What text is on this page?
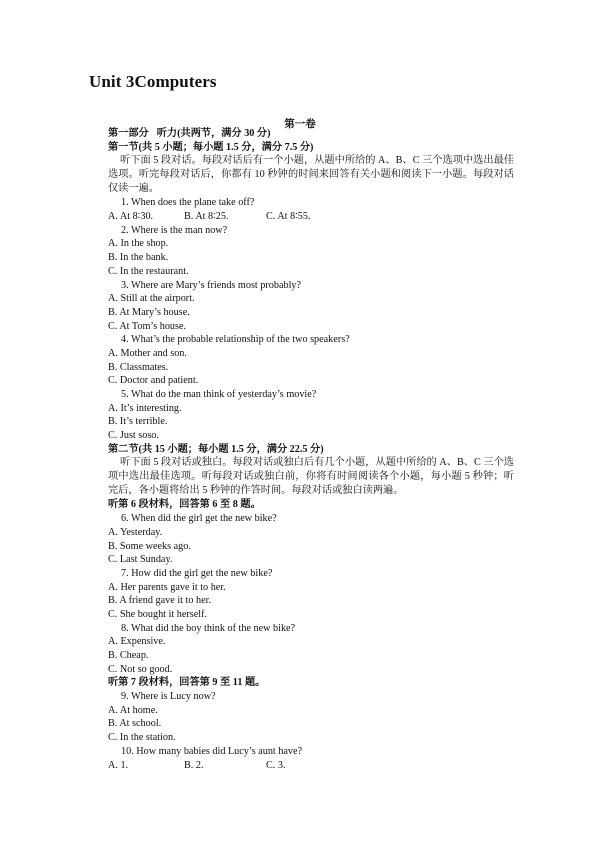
Unit 3Computers
第一卷
第一部分 听力(共两节，满分 30 分)
第一节(共 5 小题；每小题 1.5 分，满分 7.5 分)
听下面 5 段对话。每段对话后有一个小题，从题中所给的 A、B、C 三个选项中选出最佳选项。听完每段对话后，你都有 10 秒钟的时间来回答有关小题和阅读下一小题。每段对话仅读一遍。
1. When does the plane take off?
A. At 8∶30.	B. At 8∶25.	C. At 8∶55.
2. Where is the man now?
A. In the shop.
B. In the bank.
C. In the restaurant.
3. Where are Mary’s friends most probably?
A. Still at the airport.
B. At Mary’s house.
C. At Tom’s house.
4. What’s the probable relationship of the two speakers?
A. Mother and son.
B. Classmates.
C. Doctor and patient.
5. What do the man think of yesterday’s movie?
A. It’s interesting.
B. It’s terrible.
C. Just soso.
第二节(共 15 小题；每小题 1.5 分，满分 22.5 分)
听下面 5 段对话或独白。每段对话或独白后有几个小题，从题中所给的 A、B、C 三个选项中选出最佳选项。听每段对话或独白前，你将有时间阅读各个小题，每小题 5 秒钟；听完后，各小题将给出 5 秒钟的作答时间。每段对话或独白读两遍。
听第 6 段材料，回答第 6 至 8 题。
6. When did the girl get the new bike?
A. Yesterday.
B. Some weeks ago.
C. Last Sunday.
7. How did the girl get the new bike?
A. Her parents gave it to her.
B. A friend gave it to her.
C. She bought it herself.
8. What did the boy think of the new bike?
A. Expensive.
B. Cheap.
C. Not so good.
听第 7 段材料，回答第 9 至 11 题。
9. Where is Lucy now?
A. At home.
B. At school.
C. In the station.
10. How many babies did Lucy’s aunt have?
A. 1.	B. 2.	C. 3.
